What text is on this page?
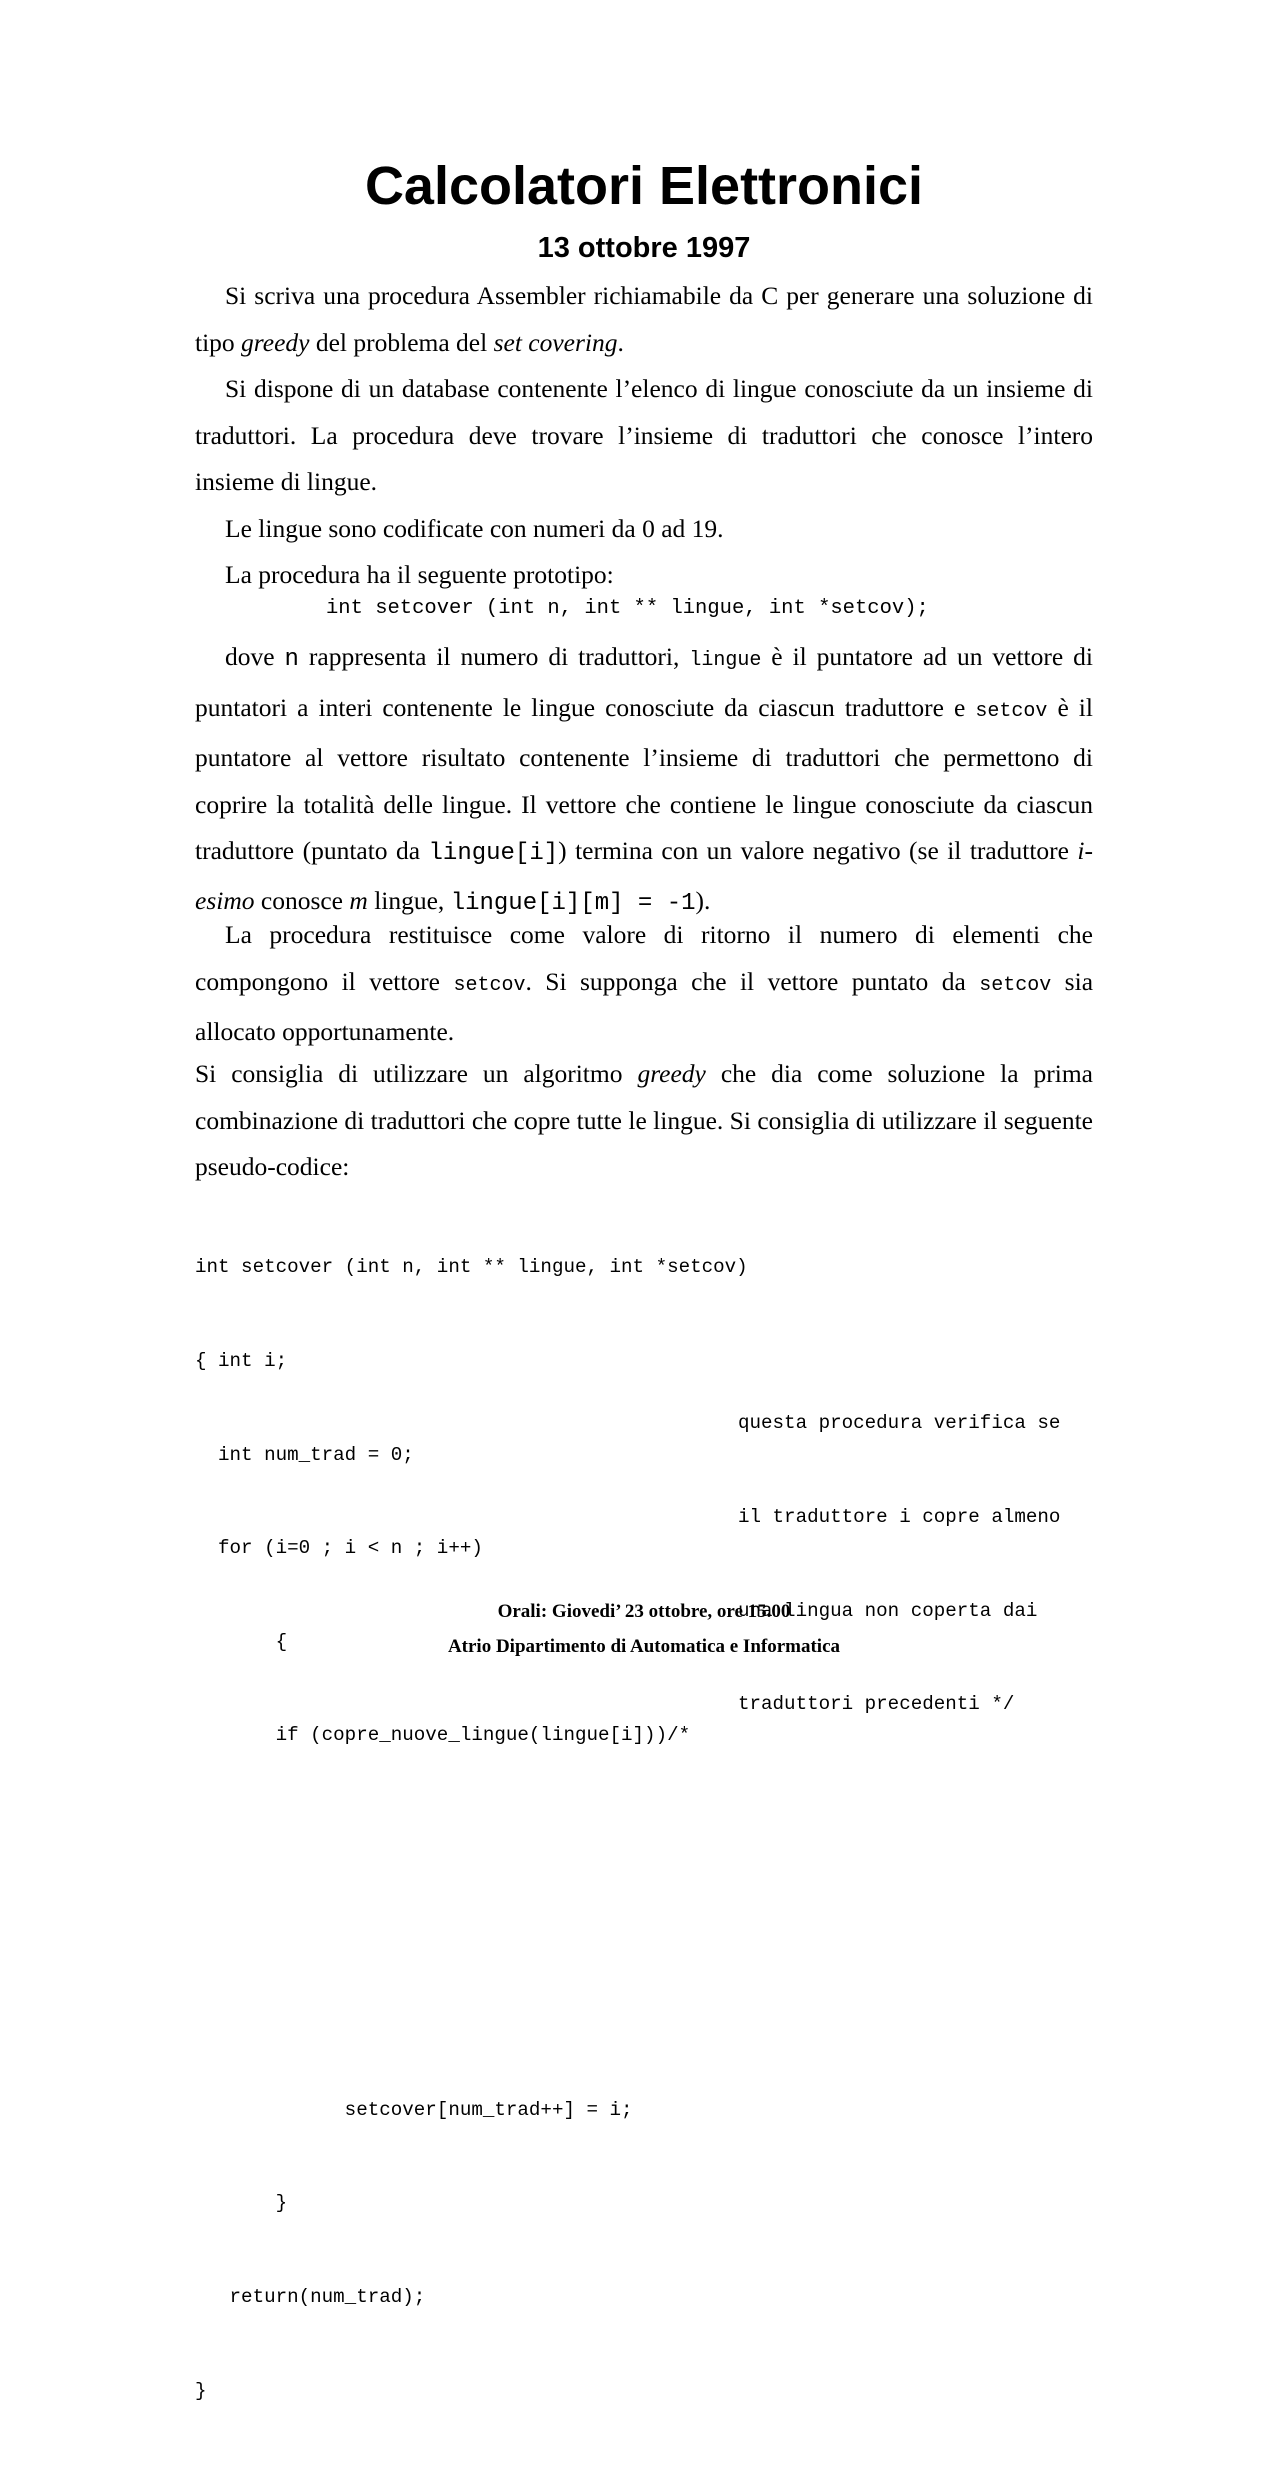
Calcolatori Elettronici
13 ottobre 1997

Si scriva una procedura Assembler richiamabile da C per generare una soluzione di tipo greedy del problema del set covering.

Si dispone di un database contenente l’elenco di lingue conosciute da un insieme di traduttori. La procedura deve trovare l’insieme di traduttori che conosce l’intero insieme di lingue.

Le lingue sono codificate con numeri da 0 ad 19.

La procedura ha il seguente prototipo:

int setcover (int n, int ** lingue, int *setcov);

dove n rappresenta il numero di traduttori, lingue è il puntatore ad un vettore di puntatori a interi contenente le lingue conosciute da ciascun traduttore e setcov è il puntatore al vettore risultato contenente l’insieme di traduttori che permettono di coprire la totalità delle lingue. Il vettore che contiene le lingue conosciute da ciascun traduttore (puntato da lingue[i]) termina con un valore negativo (se il traduttore i-esimo conosce m lingue, lingue[i][m] = -1).

La procedura restituisce come valore di ritorno il numero di elementi che compongono il vettore setcov. Si supponga che il vettore puntato da setcov sia allocato opportunamente.

Si consiglia di utilizzare un algoritmo greedy che dia come soluzione la prima combinazione di traduttori che copre tutte le lingue. Si consiglia di utilizzare il seguente pseudo-codice:

int setcover (int n, int ** lingue, int *setcov)

{ int i;

int num_trad = 0;

for (i=0 ; i < n ; i++)

{

if (copre_nuove_lingue(lingue[i]))/*

setcover[num_trad++] = i;

}

return(num_trad);

}

questa procedura verifica se

il traduttore i copre almeno

una lingua non coperta dai

traduttori precedenti */

Orali: Giovedi’ 23 ottobre, ore 15.00
Atrio Dipartimento di Automatica e Informatica
